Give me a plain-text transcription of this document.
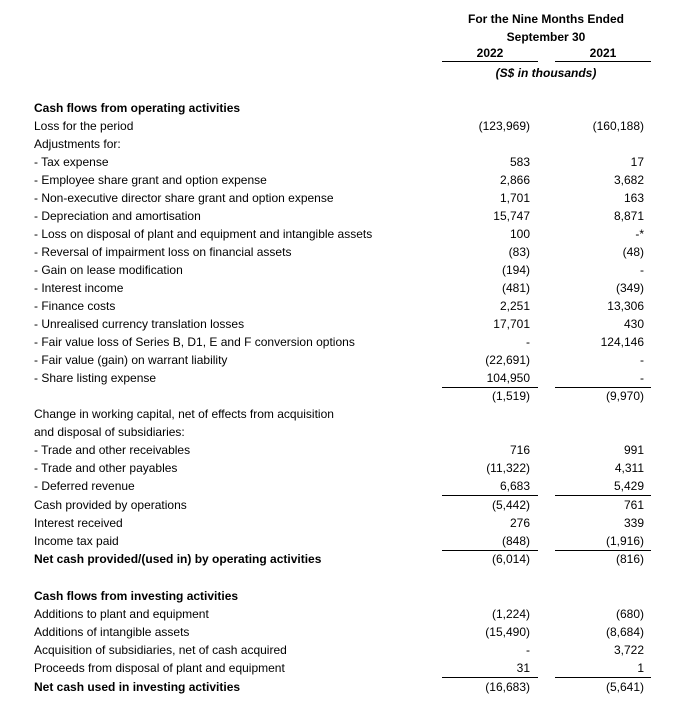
For the Nine Months Ended
September 30
2022	2021
(S$ in thousands)
Cash flows from operating activities
Loss for the period	(123,969)	(160,188)
Adjustments for:
- Tax expense	583	17
- Employee share grant and option expense	2,866	3,682
- Non-executive director share grant and option expense	1,701	163
- Depreciation and amortisation	15,747	8,871
- Loss on disposal of plant and equipment and intangible assets	100	-*
- Reversal of impairment loss on financial assets	(83)	(48)
- Gain on lease modification	(194)	-
- Interest income	(481)	(349)
- Finance costs	2,251	13,306
- Unrealised currency translation losses	17,701	430
- Fair value loss of Series B, D1, E and F conversion options	-	124,146
- Fair value (gain) on warrant liability	(22,691)	-
- Share listing expense	104,950	-
(1,519)	(9,970)
Change in working capital, net of effects from acquisition
and disposal of subsidiaries:
- Trade and other receivables	716	991
- Trade and other payables	(11,322)	4,311
- Deferred revenue	6,683	5,429
Cash provided by operations	(5,442)	761
Interest received	276	339
Income tax paid	(848)	(1,916)
Net cash provided/(used in) by operating activities	(6,014)	(816)
Cash flows from investing activities
Additions to plant and equipment	(1,224)	(680)
Additions of intangible assets	(15,490)	(8,684)
Acquisition of subsidiaries, net of cash acquired	-	3,722
Proceeds from disposal of plant and equipment	31	1
Net cash used in investing activities	(16,683)	(5,641)
